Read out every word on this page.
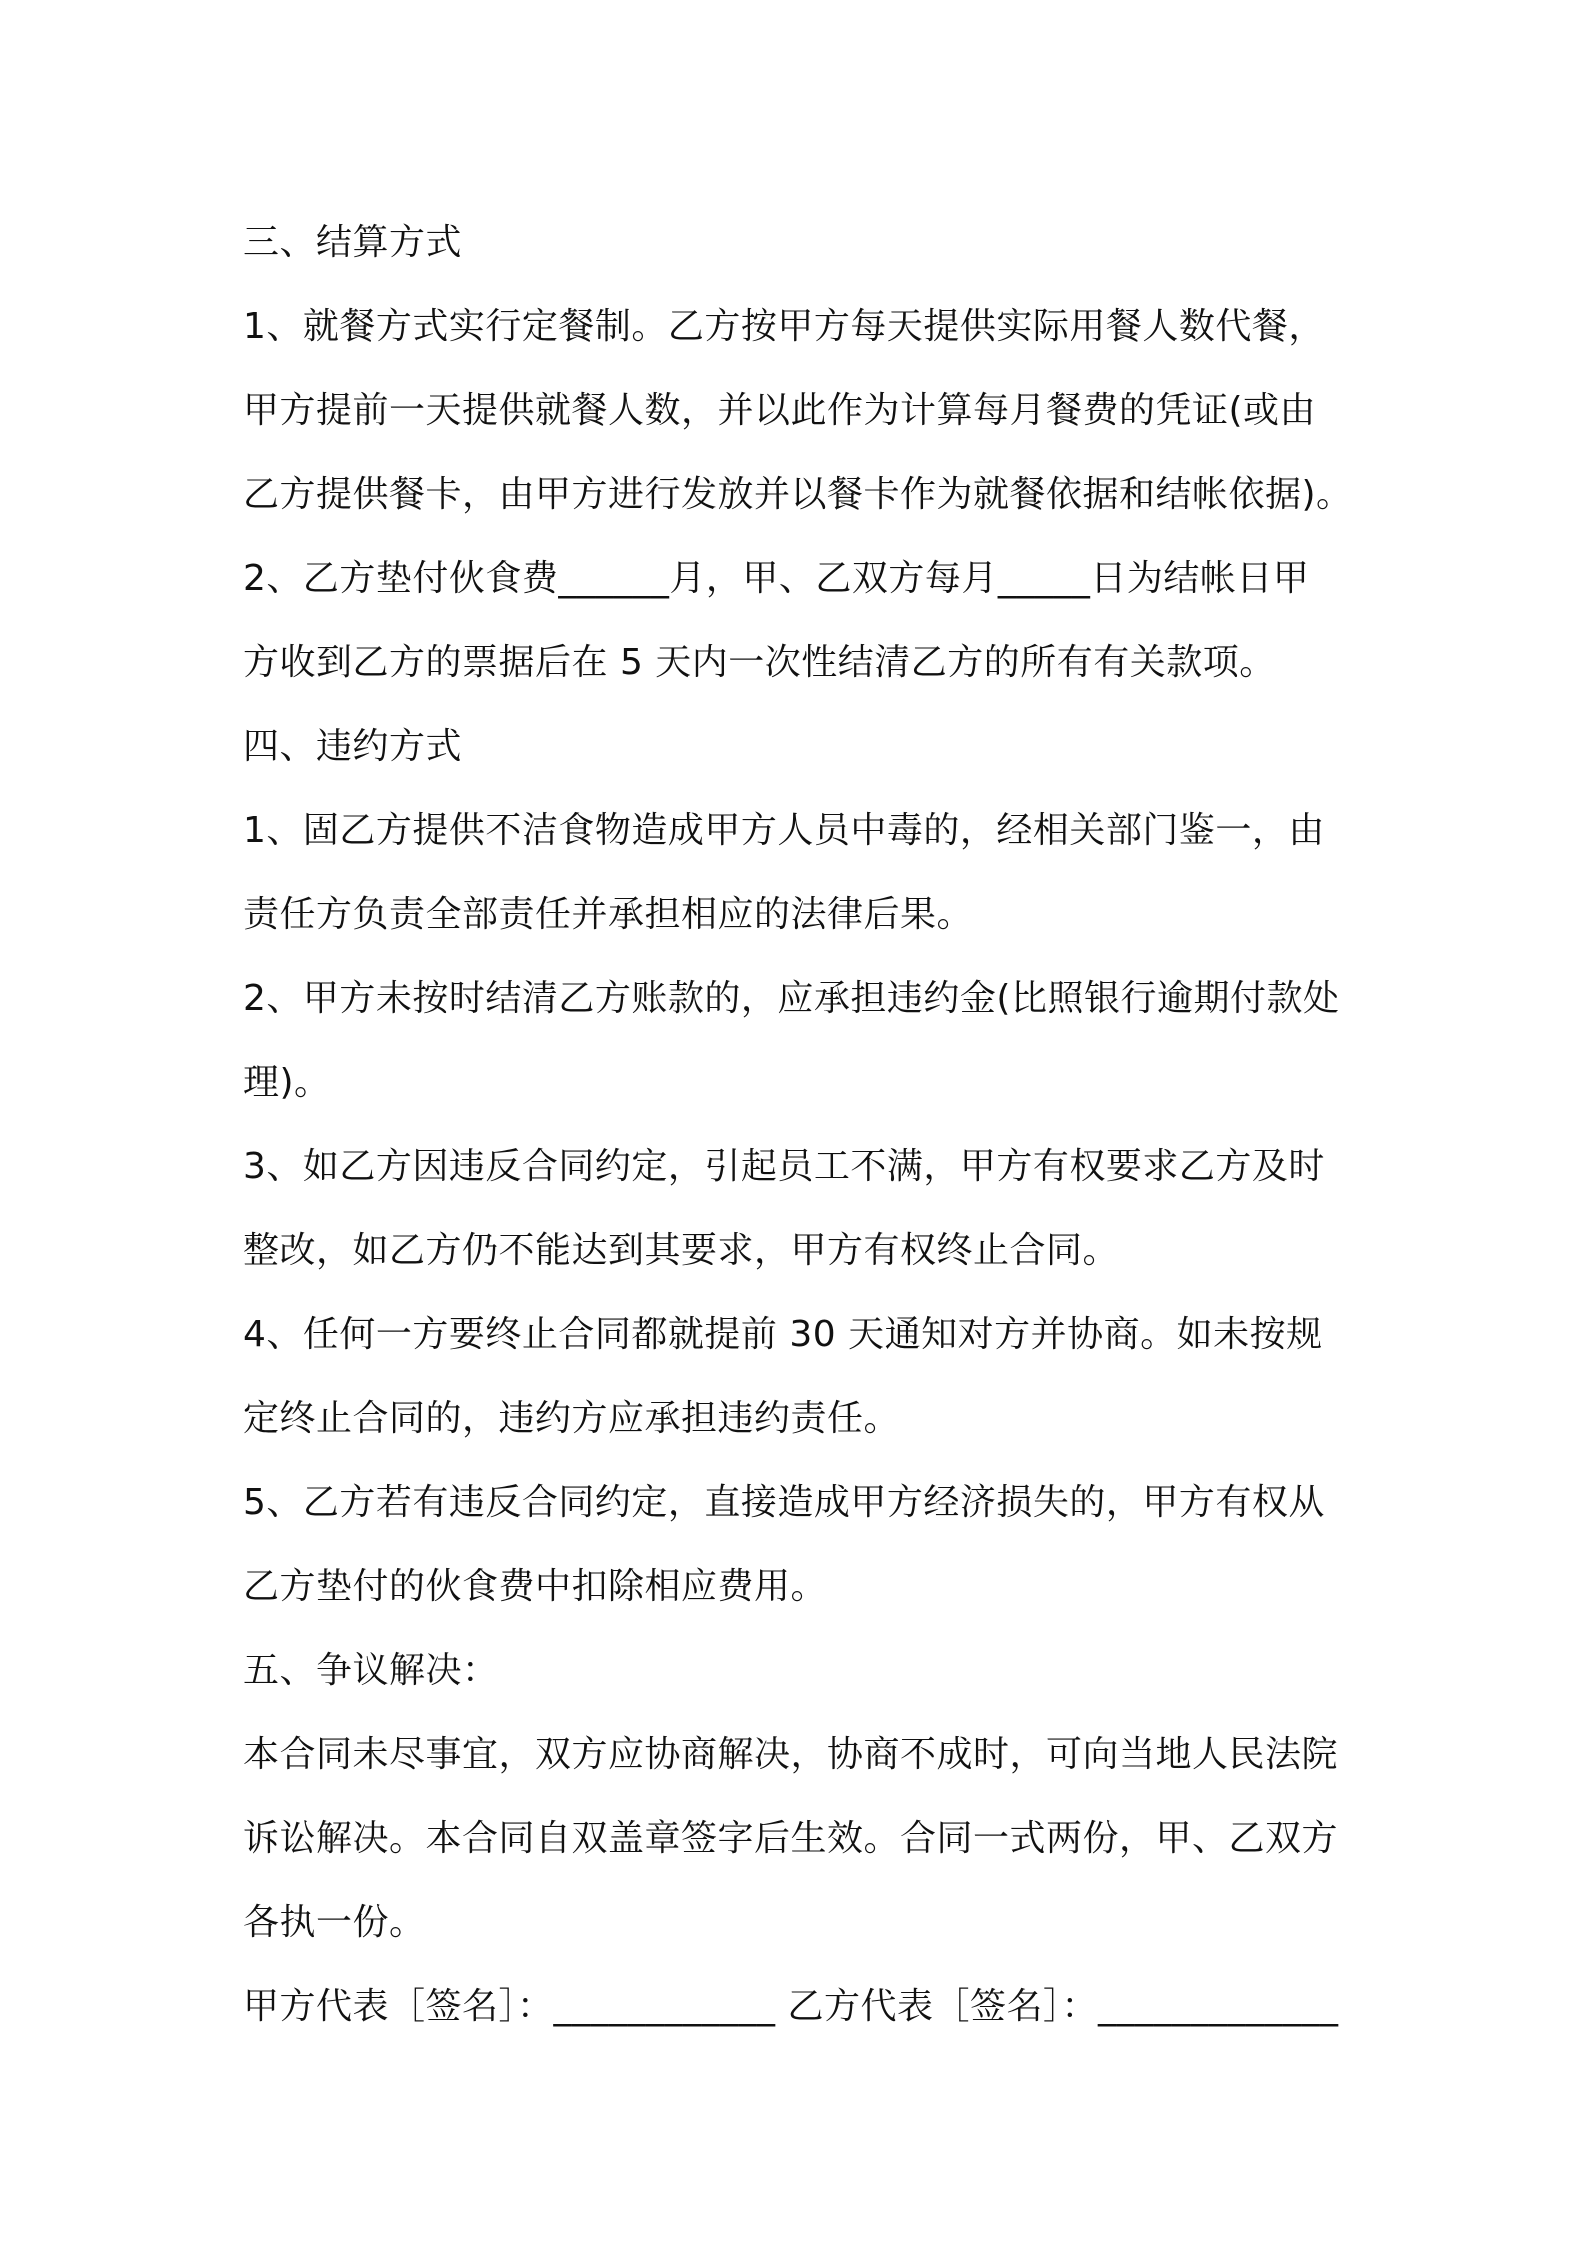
三、结算方式
1、就餐方式实行定餐制。乙方按甲方每天提供实际用餐人数代餐，
甲方提前一天提供就餐人数，并以此作为计算每月餐费的凭证(或由
乙方提供餐卡，由甲方进行发放并以餐卡作为就餐依据和结帐依据)。
2、乙方垫付伙食费______月，甲、乙双方每月_____日为结帐日甲
方收到乙方的票据后在 5 天内一次性结清乙方的所有有关款项。
四、违约方式
1、固乙方提供不洁食物造成甲方人员中毒的，经相关部门鉴一，由
责任方负责全部责任并承担相应的法律后果。
2、甲方未按时结清乙方账款的，应承担违约金(比照银行逾期付款处
理)。
3、如乙方因违反合同约定，引起员工不满，甲方有权要求乙方及时
整改，如乙方仍不能达到其要求，甲方有权终止合同。
4、任何一方要终止合同都就提前 30 天通知对方并协商。如未按规
定终止合同的，违约方应承担违约责任。
5、乙方若有违反合同约定，直接造成甲方经济损失的，甲方有权从
乙方垫付的伙食费中扣除相应费用。
五、争议解决：
本合同未尽事宜，双方应协商解决，协商不成时，可向当地人民法院
诉讼解决。本合同自双盖章签字后生效。合同一式两份，甲、乙双方
各执一份。
甲方代表［签名］：____________ 乙方代表［签名］：_____________
